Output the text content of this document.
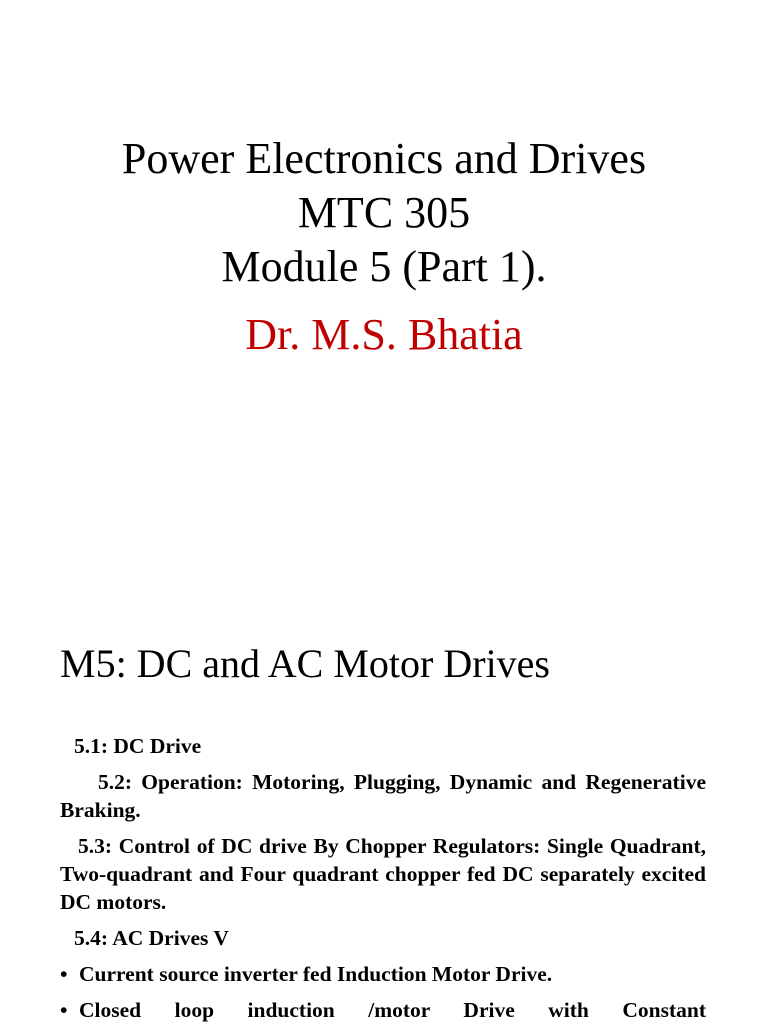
Power Electronics and Drives
MTC 305
Module 5 (Part 1).
Dr. M.S. Bhatia
M5: DC and AC Motor Drives

5.1: DC Drive

5.2: Operation: Motoring, Plugging, Dynamic and Regenerative Braking.

5.3: Control of DC drive By Chopper Regulators: Single Quadrant, Two-quadrant and Four quadrant chopper fed DC separately excited DC motors.

5.4: AC Drives V

• Current source inverter fed Induction Motor Drive.
• Closed loop induction /motor Drive with Constant
